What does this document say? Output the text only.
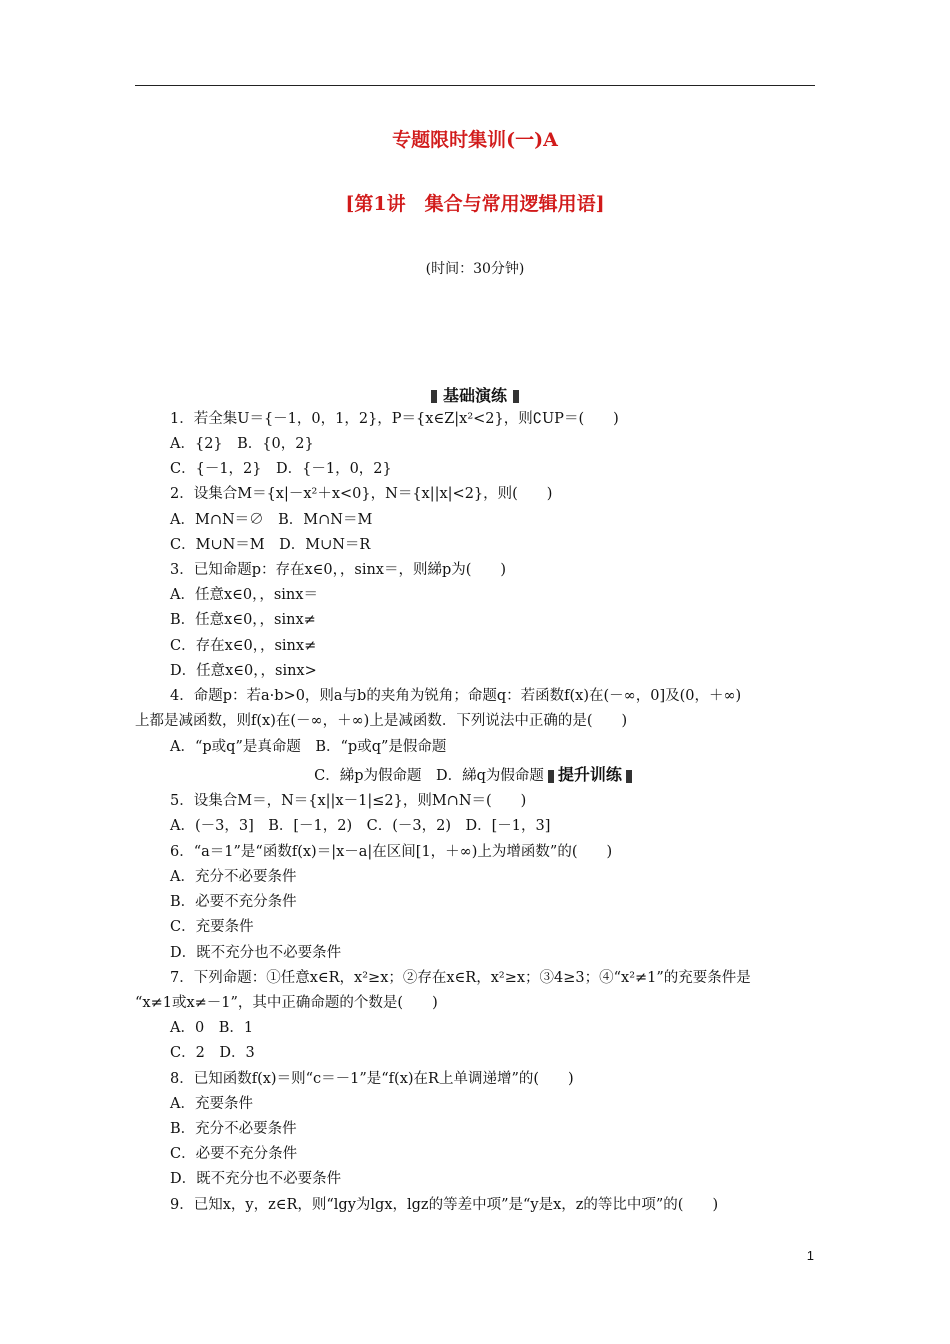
专题限时集训(一)A
[第1讲　集合与常用逻辑用语]
(时间：30分钟)
基础演练
1．若全集U＝{－1，0，1，2}，P＝{x∈Z|x²<2}，则∁UP＝(　　)
A．{2}　B．{0，2}
C．{－1，2}　D．{－1，0，2}
2．设集合M＝{x|－x²＋x<0}，N＝{x||x|<2}，则(　　)
A．M∩N＝∅　B．M∩N＝M
C．M∪N＝M　D．M∪N＝R
3．已知命题p：存在x∈0，，sinx＝，则綈p为(　　)
A．任意x∈0，，sinx＝
B．任意x∈0，，sinx≠
C．存在x∈0，，sinx≠
D．任意x∈0，，sinx>
4．命题p：若a·b>0，则a与b的夹角为锐角；命题q：若函数f(x)在(－∞，0]及(0，＋∞)
上都是减函数，则f(x)在(－∞，＋∞)上是减函数．下列说法中正确的是(　　)
A．“p或q”是真命题　B．“p或q”是假命题
C．綈p为假命题　D．綈q为假命题 提升训练
5．设集合M＝，N＝{x||x－1|≤2}，则M∩N＝(　　)
A．(－3，3]　B．[－1，2)　C．(－3，2)　D．[－1，3]
6．“a＝1”是“函数f(x)＝|x－a|在区间[1，＋∞)上为增函数”的(　　)
A．充分不必要条件
B．必要不充分条件
C．充要条件
D．既不充分也不必要条件
7．下列命题：①任意x∈R，x²≥x；②存在x∈R，x²≥x；③4≥3；④“x²≠1”的充要条件是
“x≠1或x≠－1”，其中正确命题的个数是(　　)
A．0　B．1
C．2　D．3
8．已知函数f(x)＝则“c＝－1”是“f(x)在R上单调递增”的(　　)
A．充要条件
B．充分不必要条件
C．必要不充分条件
D．既不充分也不必要条件
9．已知x，y，z∈R，则“lgy为lgx，lgz的等差中项”是“y是x，z的等比中项”的(　　)
1
